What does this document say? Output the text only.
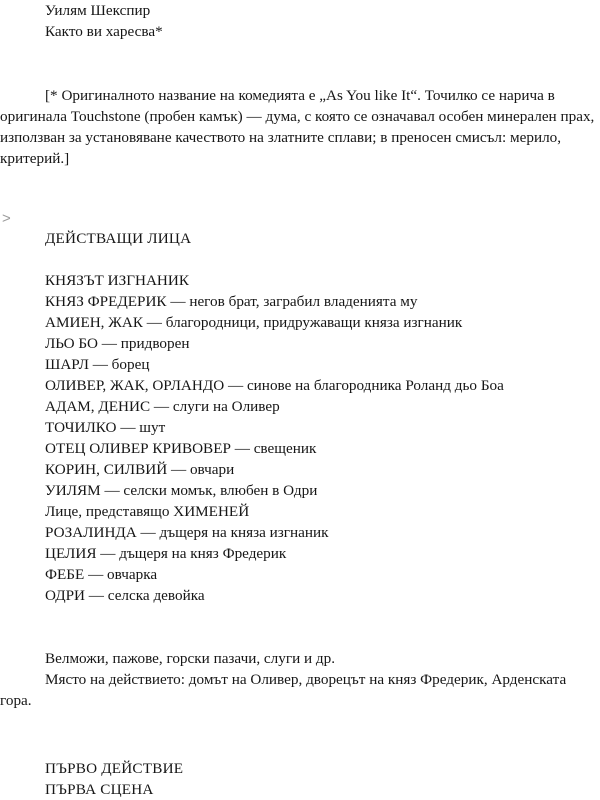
Уилям Шекспир
Както ви харесва*
[* Оригиналното название на комедията е „As You like It“. Точилко се нарича в оригинала Touchstone (пробен камък) — дума, с която се означавал особен минерален прах, използван за установяване качеството на златните сплави; в преносен смисъл: мерило, критерий.]
>
ДЕЙСТВАЩИ ЛИЦА
КНЯЗЪТ ИЗГНАНИК
КНЯЗ ФРЕДЕРИК — негов брат, заграбил владенията му
АМИЕН, ЖАК — благородници, придружаващи княза изгнаник
ЛЬО БО — придворен
ШАРЛ — борец
ОЛИВЕР, ЖАК, ОРЛАНДО — синове на благородника Роланд дьо Боа
АДАМ, ДЕНИС — слуги на Оливер
ТОЧИЛКО — шут
ОТЕЦ ОЛИВЕР КРИВОВЕР — свещеник
КОРИН, СИЛВИЙ — овчари
УИЛЯМ — селски момък, влюбен в Одри
Лице, представящо ХИМЕНЕЙ
РОЗАЛИНДА — дъщеря на княза изгнаник
ЦЕЛИЯ — дъщеря на княз Фредерик
ФЕБЕ — овчарка
ОДРИ — селска девойка
Велможи, пажове, горски пазачи, слуги и др.
Място на действието: домът на Оливер, дворецът на княз Фредерик, Арденската гора.
ПЪРВО ДЕЙСТВИЕ
ПЪРВА СЦЕНА
